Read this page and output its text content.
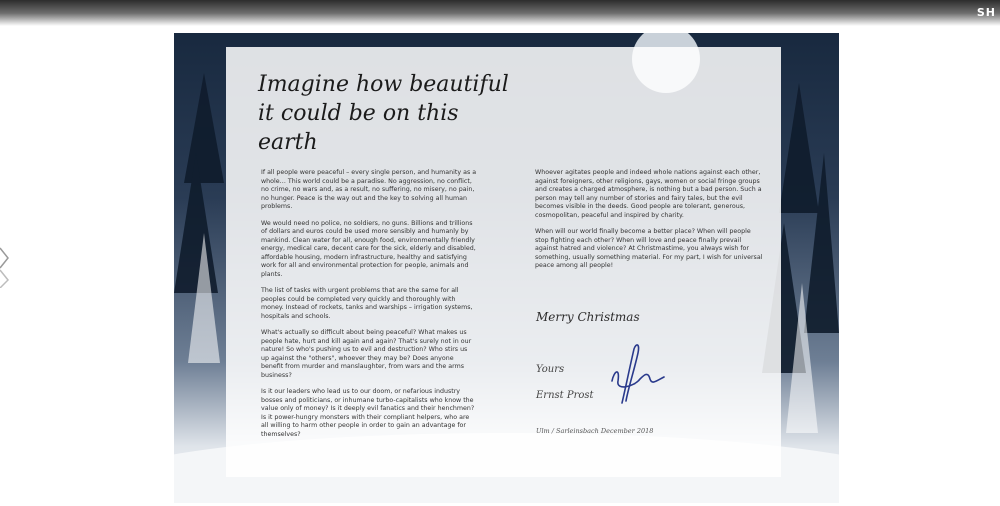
SH
Imagine how beautiful it could be on this earth

If all people were peaceful – every single person, and humanity as a whole… This world could be a paradise. No aggression, no conflict, no crime, no wars and, as a result, no suffering, no misery, no pain, no hunger. Peace is the way out and the key to solving all human problems.

We would need no police, no soldiers, no guns. Billions and trillions of dollars and euros could be used more sensibly and humanly by mankind. Clean water for all, enough food, environmentally friendly energy, medical care, decent care for the sick, elderly and disabled, affordable housing, modern infrastructure, healthy and satisfying work for all and environmental protection for people, animals and plants.

The list of tasks with urgent problems that are the same for all peoples could be completed very quickly and thoroughly with money. Instead of rockets, tanks and warships – irrigation systems, hospitals and schools.

What's actually so difficult about being peaceful? What makes us people hate, hurt and kill again and again? That's surely not in our nature! So who's pushing us to evil and destruction? Who stirs us up against the "others", whoever they may be? Does anyone benefit from murder and manslaughter, from wars and the arms business?

Is it our leaders who lead us to our doom, or nefarious industry bosses and politicians, or inhumane turbo-capitalists who know the value only of money? Is it deeply evil fanatics and their henchmen? Is it power-hungry monsters with their compliant helpers, who are all willing to harm other people in order to gain an advantage for themselves?

Whoever agitates people and indeed whole nations against each other, against foreigners, other religions, gays, women or social fringe groups and creates a charged atmosphere, is nothing but a bad person. Such a person may tell any number of stories and fairy tales, but the evil becomes visible in the deeds. Good people are tolerant, generous, cosmopolitan, peaceful and inspired by charity.

When will our world finally become a better place? When will people stop fighting each other? When will love and peace finally prevail against hatred and violence? At Christmastime, you always wish for something, usually something material. For my part, I wish for universal peace among all people!

Merry Christmas
Yours
Ernst Prost
Ulm / Sarleinsbach December 2018
